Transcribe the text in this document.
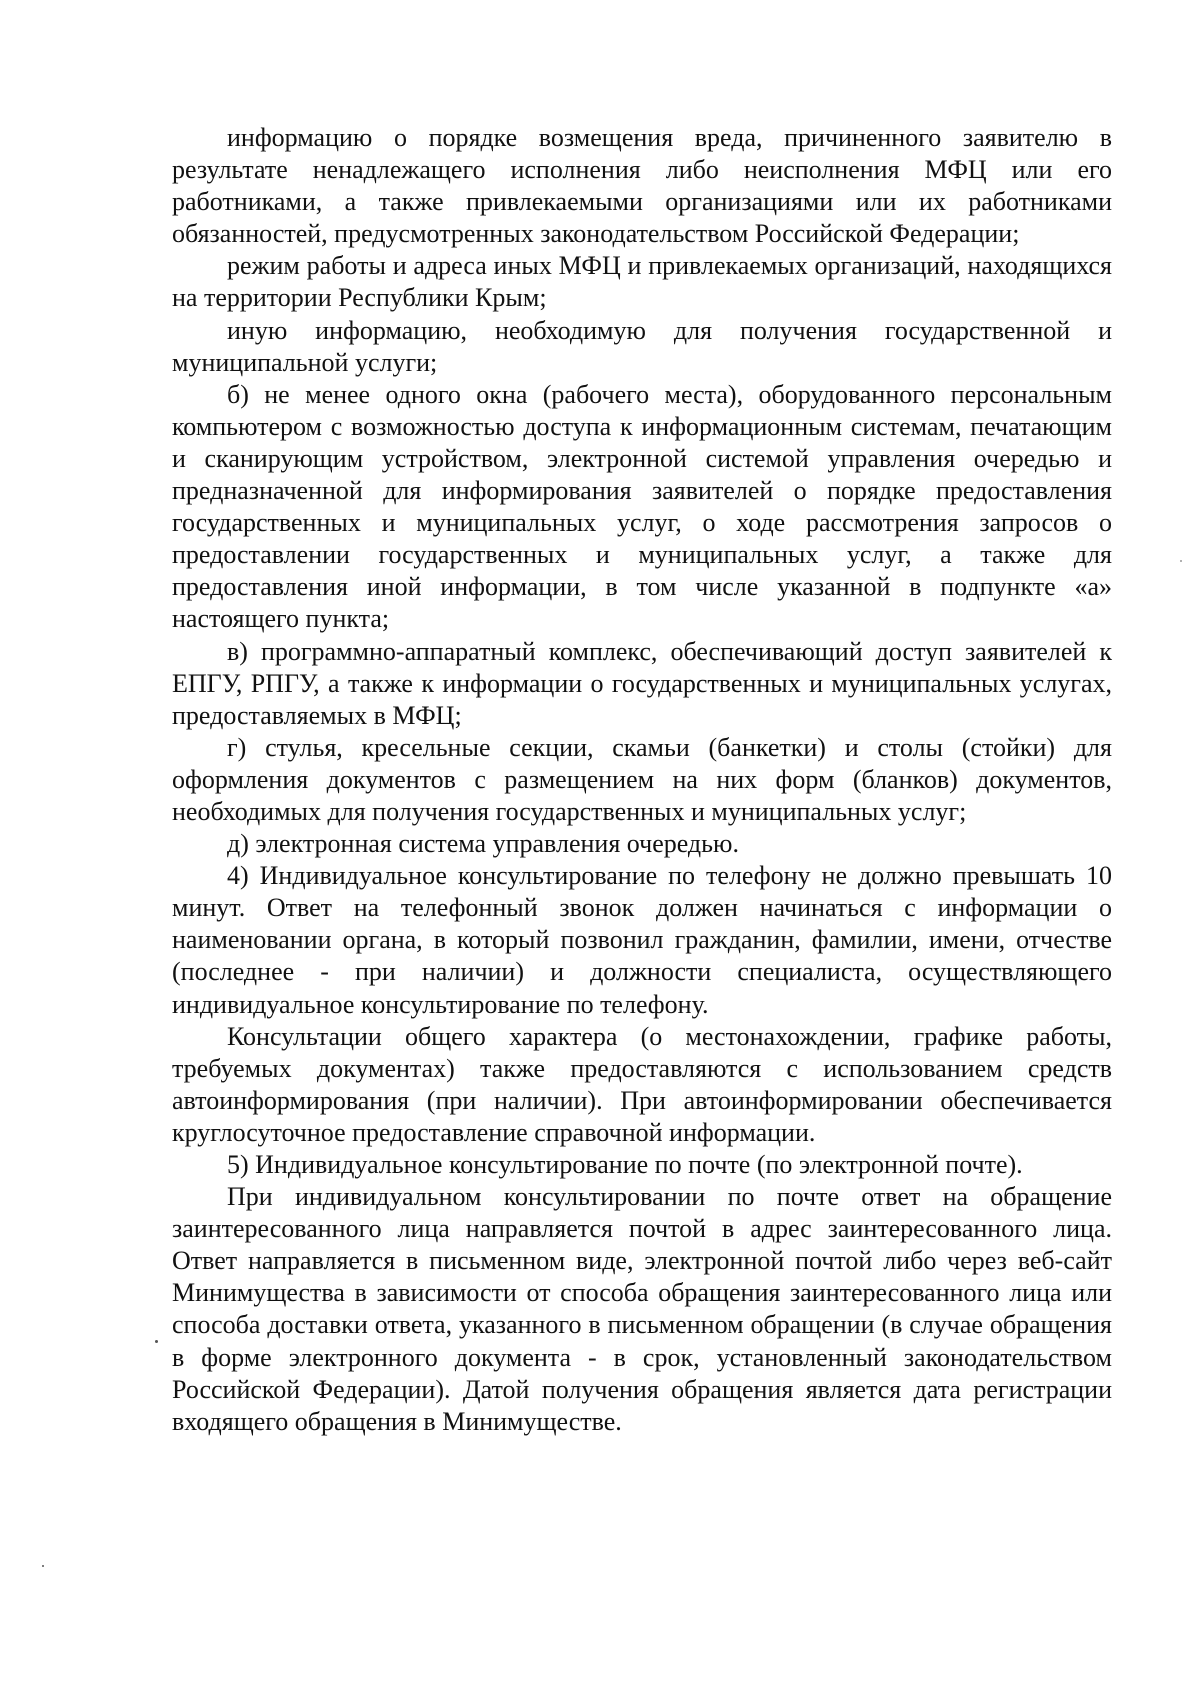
информацию о порядке возмещения вреда, причиненного заявителю в результате ненадлежащего исполнения либо неисполнения МФЦ или его работниками, а также привлекаемыми организациями или их работниками обязанностей, предусмотренных законодательством Российской Федерации;

режим работы и адреса иных МФЦ и привлекаемых организаций, находящихся на территории Республики Крым;

иную информацию, необходимую для получения государственной и муниципальной услуги;

б) не менее одного окна (рабочего места), оборудованного персональным компьютером с возможностью доступа к информационным системам, печатающим и сканирующим устройством, электронной системой управления очередью и предназначенной для информирования заявителей о порядке предоставления государственных и муниципальных услуг, о ходе рассмотрения запросов о предоставлении государственных и муниципальных услуг, а также для предоставления иной информации, в том числе указанной в подпункте «а» настоящего пункта;

в) программно-аппаратный комплекс, обеспечивающий доступ заявителей к ЕПГУ, РПГУ, а также к информации о государственных и муниципальных услугах, предоставляемых в МФЦ;

г) стулья, кресельные секции, скамьи (банкетки) и столы (стойки) для оформления документов с размещением на них форм (бланков) документов, необходимых для получения государственных и муниципальных услуг;

д) электронная система управления очередью.

4) Индивидуальное консультирование по телефону не должно превышать 10 минут. Ответ на телефонный звонок должен начинаться с информации о наименовании органа, в который позвонил гражданин, фамилии, имени, отчестве (последнее - при наличии) и должности специалиста, осуществляющего индивидуальное консультирование по телефону.

Консультации общего характера (о местонахождении, графике работы, требуемых документах) также предоставляются с использованием средств автоинформирования (при наличии). При автоинформировании обеспечивается круглосуточное предоставление справочной информации.

5) Индивидуальное консультирование по почте (по электронной почте).

При индивидуальном консультировании по почте ответ на обращение заинтересованного лица направляется почтой в адрес заинтересованного лица. Ответ направляется в письменном виде, электронной почтой либо через веб-сайт Минимущества в зависимости от способа обращения заинтересованного лица или способа доставки ответа, указанного в письменном обращении (в случае обращения в форме электронного документа - в срок, установленный законодательством Российской Федерации). Датой получения обращения является дата регистрации входящего обращения в Минимуществе.
